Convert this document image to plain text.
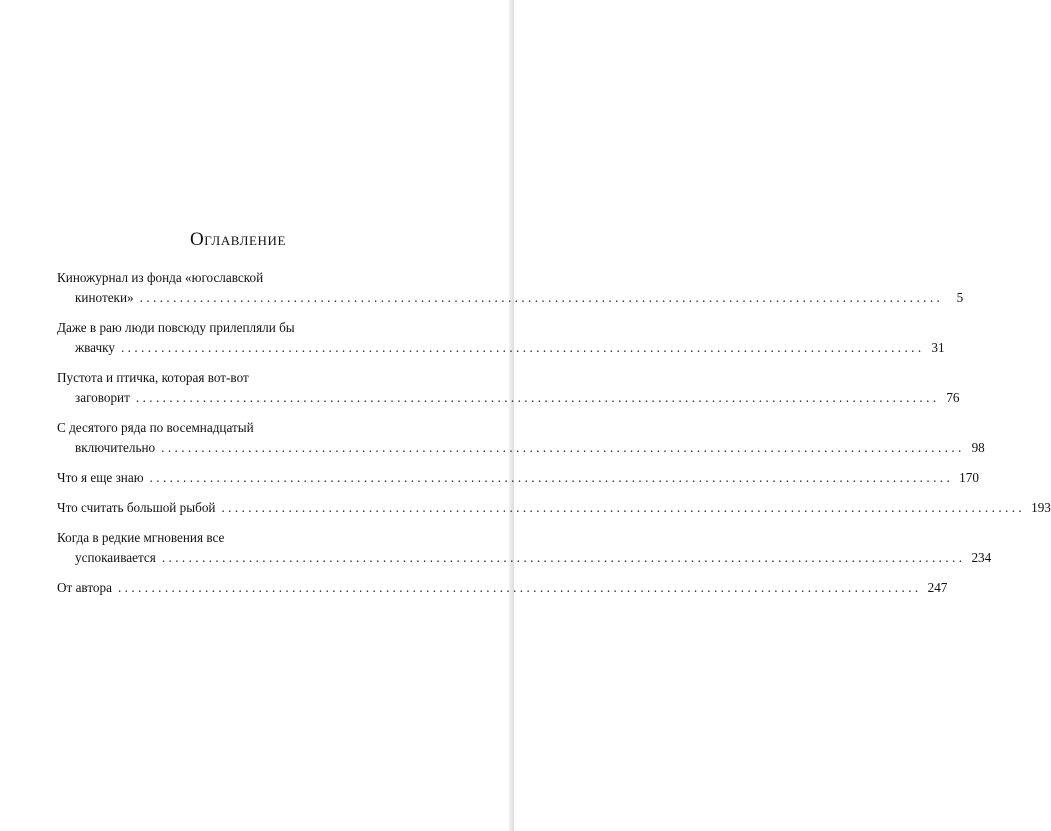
Оглавление
Киножурнал из фонда «югославской
кинотеки» ........................................................................................................................	5
Даже в раю люди повсюду прилепляли бы
жвачку ........................................................................................................................ 31
Пустота и птичка, которая вот-вот
заговорит ........................................................................................................................ 76
С десятого ряда по восемнадцатый
включительно ........................................................................................................................ 98
Что я еще знаю ........................................................................................................................ 170
Что считать большой рыбой ........................................................................................................................ 193
Когда в редкие мгновения все
успокаивается ........................................................................................................................ 234
От автора ........................................................................................................................ 247
